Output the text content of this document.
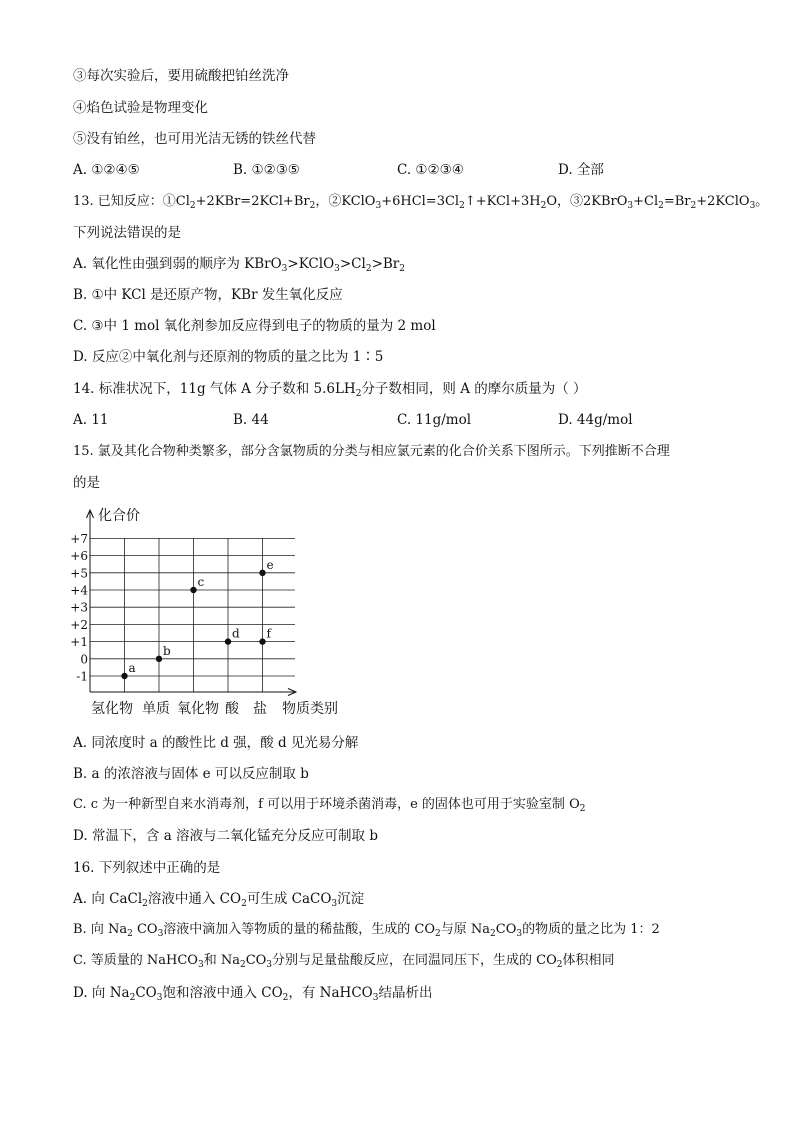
③每次实验后，要用硫酸把铂丝洗净
④焰色试验是物理变化
⑤没有铂丝，也可用光洁无锈的铁丝代替
A. ①②④⑤	B. ①②③⑤	C. ①②③④	D. 全部
13. 已知反应：$①Cl_2+2KBr=2KCl+Br_2$，$②KClO_3+6HCl=3Cl_2↑+KCl+3H_2O$，$③2KBrO_3+Cl_2=Br_2+2KClO_3$。
下列说法错误的是
A. 氧化性由强到弱的顺序为 $KBrO_3>KClO_3>Cl_2>Br_2$
B. ①中 KCl 是还原产物，KBr 发生氧化反应
C. ③中 1 mol 氧化剂参加反应得到电子的物质的量为 2 mol
D. 反应②中氧化剂与还原剂的物质的量之比为 1∶5
14. 标准状况下，11g 气体 A 分子数和 $5.6LH_2$分子数相同，则 A 的摩尔质量为（ ）
A. 11	B. 44	C. 11g/mol	D. 44g/mol
15. 氯及其化合物种类繁多，部分含氯物质的分类与相应氯元素的化合价关系下图所示。下列推断不合理
的是
+7
+6
+5
+4
+3
+2
+1
0
-1
氢化物 单质 氧化物 酸 盐
a
b
c
d
e
f
化合价
物质类别
A. 同浓度时 a 的酸性比 d 强，酸 d 见光易分解
B. a 的浓溶液与固体 e 可以反应制取 b
C. c 为一种新型自来水消毒剂，f 可以用于环境杀菌消毒，e 的固体也可用于实验室制 $O_2$
D. 常温下，含 a 溶液与二氧化锰充分反应可制取 b
16. 下列叙述中正确的是
A. 向 CaCl$_2$溶液中通入 $CO_2$可生成 CaCO$_3$沉淀
B. 向 $Na_2$ $CO_3$溶液中滴加入等物质的量的稀盐酸，生成的 $CO_2$与原 $Na_2CO_3$的物质的量之比为 1：2
C. 等质量的 NaHCO$_3$和 $Na_2CO_3$分别与足量盐酸反应，在同温同压下，生成的 $CO_2$体积相同
D. 向 $Na_2CO_3$饱和溶液中通入 $CO_2$，有 NaHCO$_3$结晶析出
